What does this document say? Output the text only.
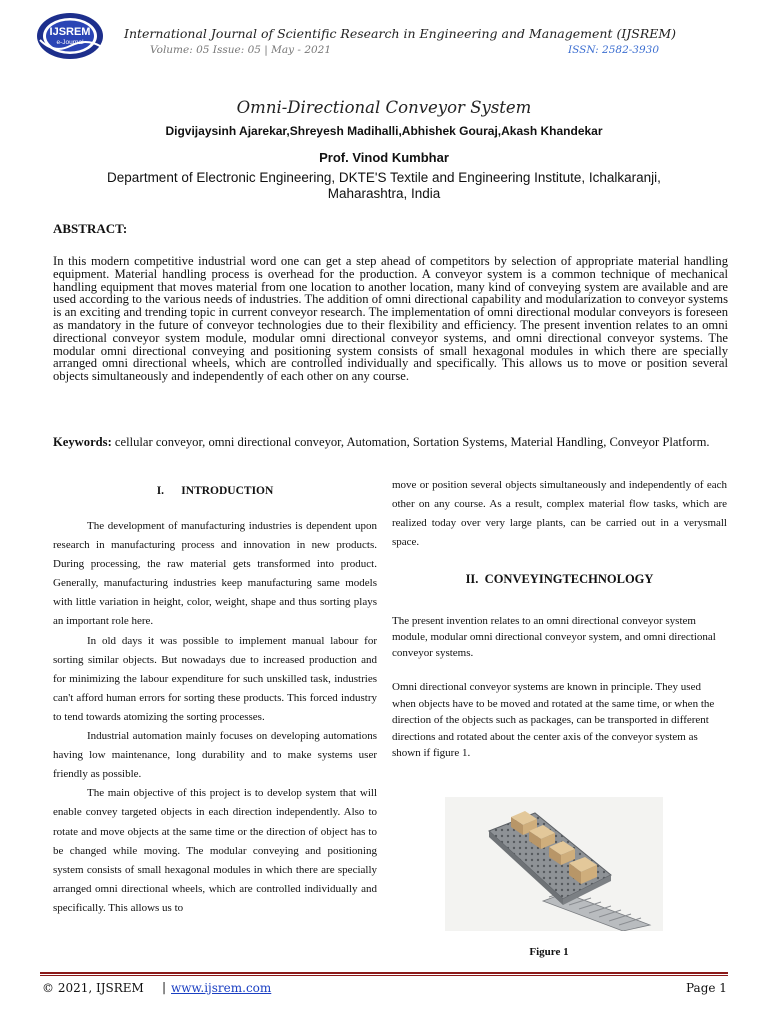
IJSREM
e-Journal
International Journal of Scientific Research in Engineering and Management (IJSREM)
Volume: 05 Issue: 05 | May - 2021	ISSN: 2582-3930
Omni-Directional Conveyor System
Digvijaysinh Ajarekar,Shreyesh Madihalli,Abhishek Gouraj,Akash Khandekar
Prof. Vinod Kumbhar
Department of Electronic Engineering, DKTE'S Textile and Engineering Institute, Ichalkaranji, Maharashtra, India
ABSTRACT:
In this modern competitive industrial word one can get a step ahead of competitors by selection of appropriate material handling equipment. Material handling process is overhead for the production. A conveyor system is a common technique of mechanical handling equipment that moves material from one location to another location, many kind of conveying system are available and are used according to the various needs of industries. The addition of omni directional capability and modularization to conveyor systems is an exciting and trending topic in current conveyor research. The implementation of omni directional modular conveyors is foreseen as mandatory in the future of conveyor technologies due to their flexibility and efficiency. The present invention relates to an omni directional conveyor system module, modular omni directional conveyor systems, and omni directional conveyor systems. The modular omni directional conveying and positioning system consists of small hexagonal modules in which there are specially arranged omni directional wheels, which are controlled individually and specifically. This allows us to move or position several objects simultaneously and independently of each other on any course.
Keywords: cellular conveyor, omni directional conveyor, Automation, Sortation Systems, Material Handling, Conveyor Platform.
I.      INTRODUCTION

The development of manufacturing industries is dependent upon research in manufacturing process and innovation in new products. During processing, the raw material gets transformed into product. Generally, manufacturing industries keep manufacturing same models with little variation in height, color, weight, shape and thus sorting plays an important role here.

In old days it was possible to implement manual labour for sorting similar objects. But nowadays due to increased production and for minimizing the labour expenditure for such unskilled task, industries can't afford human errors for sorting these products. This forced industry to tend towards atomizing the sorting processes.

Industrial automation mainly focuses on developing automations having low maintenance, long durability and to make systems user friendly as possible.

The main objective of this project is to develop system that will enable convey targeted objects in each direction independently. Also to rotate and move objects at the same time or the direction of object has to be changed while moving. The modular conveying and positioning system consists of small hexagonal modules in which there are specially arranged omni directional wheels, which are controlled individually and specifically. This allows us to

move or position several objects simultaneously and independently of each other on any course. As a result, complex material flow tasks, which are realized today over very large plants, can be carried out in a verysmall space.
II.  CONVEYINGTECHNOLOGY
The present invention relates to an omni directional conveyor system module, modular omni directional conveyor system, and omni directional conveyor systems.
Omni directional conveyor systems are known in principle. They used when objects have to be moved and rotated at the same time, or when the direction of the objects such as packages, can be transported in different directions and rotated about the center axis of the conveyor system as shown if figure 1.
Figure 1
© 2021, IJSREM | www.ijsrem.com	Page 1
